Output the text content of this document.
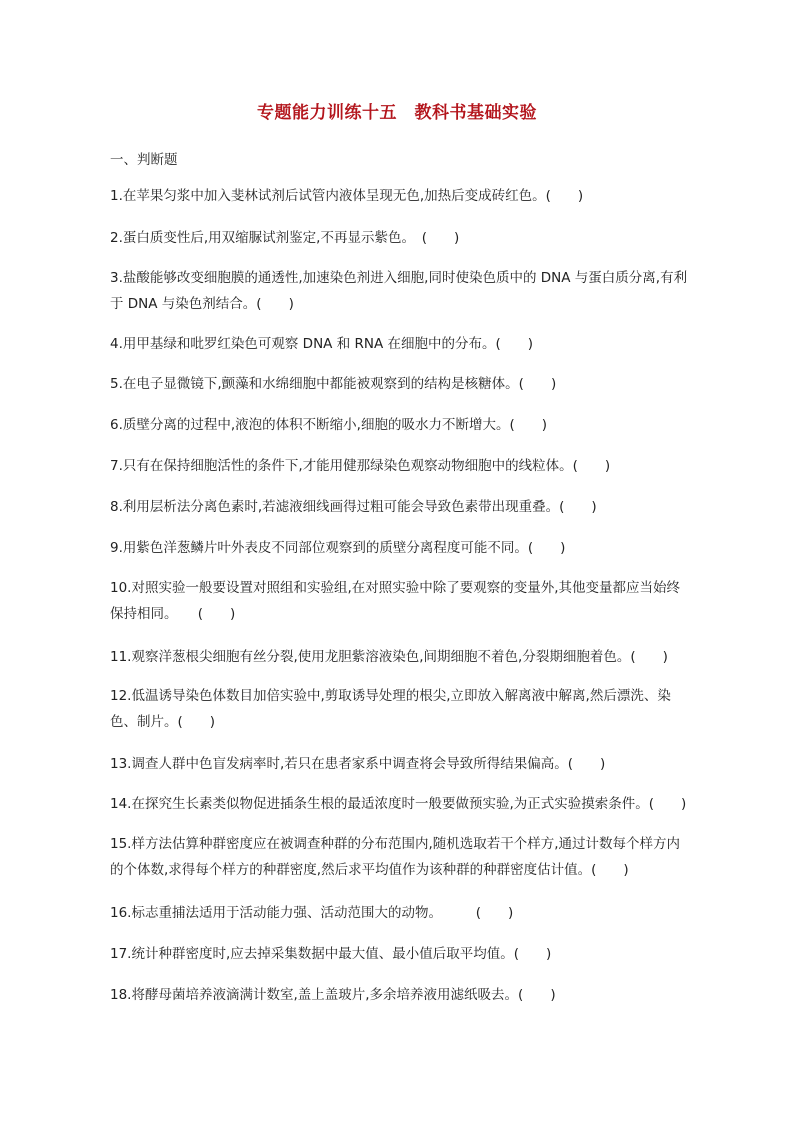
专题能力训练十五　教科书基础实验
一、判断题
1.在苹果匀浆中加入斐林试剂后试管内液体呈现无色,加热后变成砖红色。(　　)
2.蛋白质变性后,用双缩脲试剂鉴定,不再显示紫色。　(　　)
3.盐酸能够改变细胞膜的通透性,加速染色剂进入细胞,同时使染色质中的 DNA 与蛋白质分离,有利
于 DNA 与染色剂结合。(　　)
4.用甲基绿和吡罗红染色可观察 DNA 和 RNA 在细胞中的分布。(　　)
5.在电子显微镜下,颤藻和水绵细胞中都能被观察到的结构是核糖体。(　　)
6.质壁分离的过程中,液泡的体积不断缩小,细胞的吸水力不断增大。(　　)
7.只有在保持细胞活性的条件下,才能用健那绿染色观察动物细胞中的线粒体。(　　)
8.利用层析法分离色素时,若滤液细线画得过粗可能会导致色素带出现重叠。(　　)
9.用紫色洋葱鳞片叶外表皮不同部位观察到的质壁分离程度可能不同。(　　)
10.对照实验一般要设置对照组和实验组,在对照实验中除了要观察的变量外,其他变量都应当始终
保持相同。　　(　　)
11.观察洋葱根尖细胞有丝分裂,使用龙胆紫溶液染色,间期细胞不着色,分裂期细胞着色。(　　)
12.低温诱导染色体数目加倍实验中,剪取诱导处理的根尖,立即放入解离液中解离,然后漂洗、染
色、制片。(　　)
13.调查人群中色盲发病率时,若只在患者家系中调查将会导致所得结果偏高。(　　)
14.在探究生长素类似物促进插条生根的最适浓度时一般要做预实验,为正式实验摸索条件。(　　)
15.样方法估算种群密度应在被调查种群的分布范围内,随机选取若干个样方,通过计数每个样方内
的个体数,求得每个样方的种群密度,然后求平均值作为该种群的种群密度估计值。(　　)
16.标志重捕法适用于活动能力强、活动范围大的动物。　　　(　　)
17.统计种群密度时,应去掉采集数据中最大值、最小值后取平均值。(　　)
18.将酵母菌培养液滴满计数室,盖上盖玻片,多余培养液用滤纸吸去。(　　)
